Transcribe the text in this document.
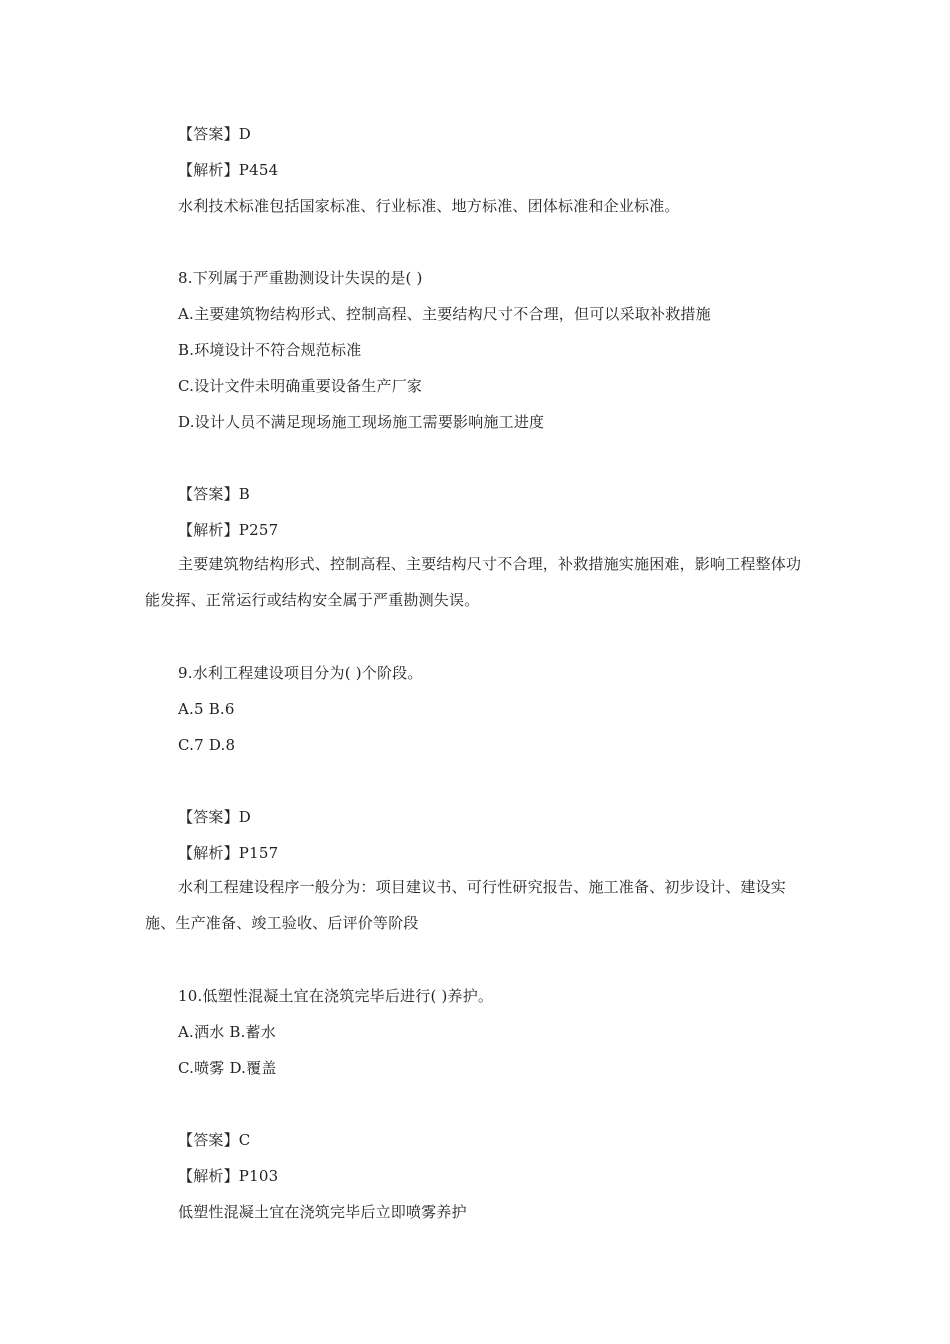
【答案】D
【解析】P454
水利技术标准包括国家标准、行业标准、地方标准、团体标准和企业标准。
8.下列属于严重勘测设计失误的是( )
A.主要建筑物结构形式、控制高程、主要结构尺寸不合理，但可以采取补救措施
B.环境设计不符合规范标准
C.设计文件未明确重要设备生产厂家
D.设计人员不满足现场施工现场施工需要影响施工进度
【答案】B
【解析】P257
主要建筑物结构形式、控制高程、主要结构尺寸不合理，补救措施实施困难，影响工程整体功能发挥、正常运行或结构安全属于严重勘测失误。
9.水利工程建设项目分为( )个阶段。
A.5 B.6
C.7 D.8
【答案】D
【解析】P157
水利工程建设程序一般分为：项目建议书、可行性研究报告、施工准备、初步设计、建设实施、生产准备、竣工验收、后评价等阶段
10.低塑性混凝土宜在浇筑完毕后进行( )养护。
A.洒水 B.蓄水
C.喷雾 D.覆盖
【答案】C
【解析】P103
低塑性混凝土宜在浇筑完毕后立即喷雾养护
